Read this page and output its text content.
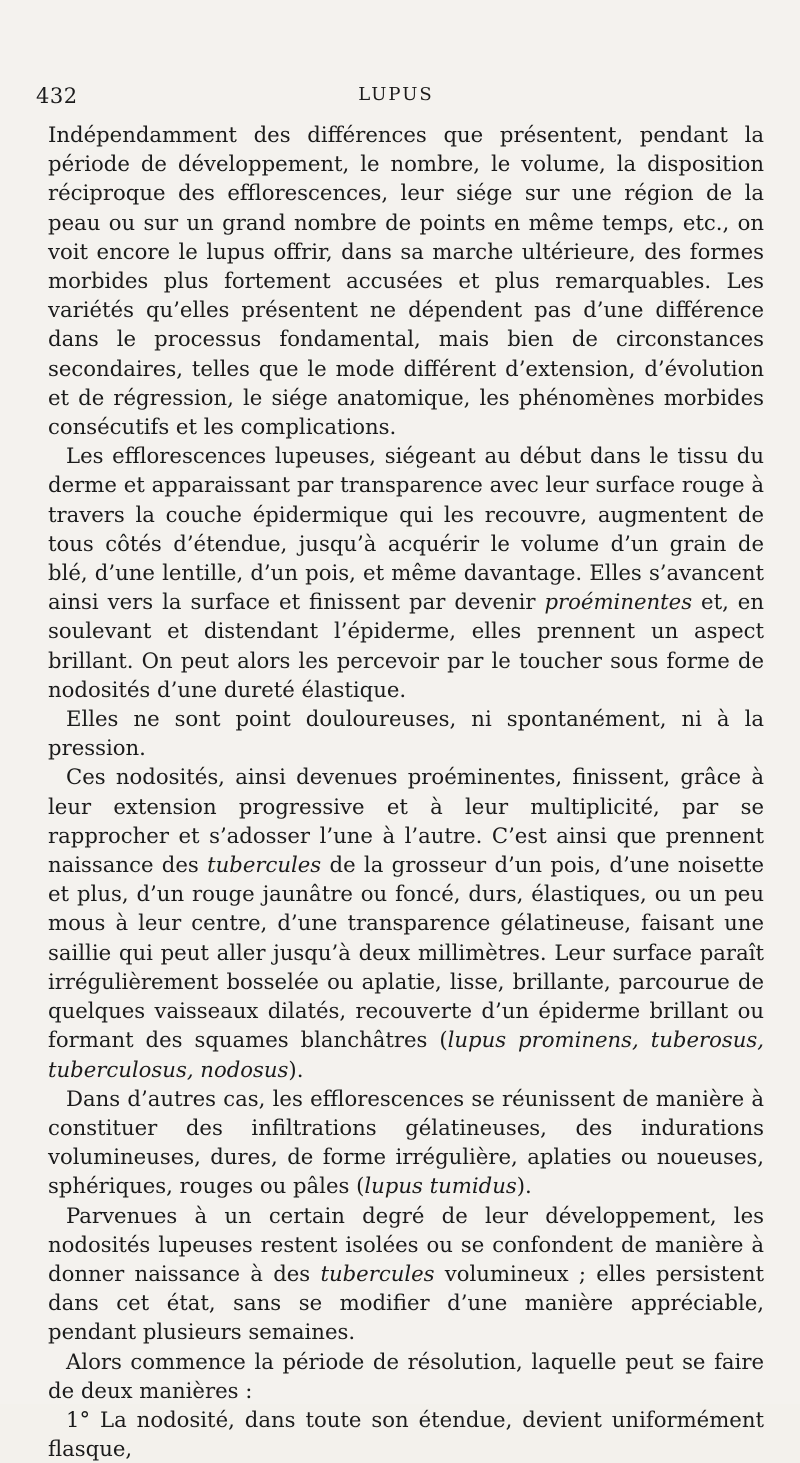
432	LUPUS

Indépendamment des différences que présentent, pendant la période de développement, le nombre, le volume, la disposition réciproque des efflorescences, leur siége sur une région de la peau ou sur un grand nombre de points en même temps, etc., on voit encore le lupus offrir, dans sa marche ultérieure, des formes morbides plus fortement accusées et plus remarquables. Les variétés qu’elles présentent ne dépendent pas d’une différence dans le processus fondamental, mais bien de circonstances secondaires, telles que le mode différent d’extension, d’évolution et de régression, le siége anatomique, les phénomènes morbides consécutifs et les complications.

Les efflorescences lupeuses, siégeant au début dans le tissu du derme et apparaissant par transparence avec leur surface rouge à travers la couche épidermique qui les recouvre, augmentent de tous côtés d’étendue, jusqu’à acquérir le volume d’un grain de blé, d’une lentille, d’un pois, et même davantage. Elles s’avancent ainsi vers la surface et finissent par devenir proéminentes et, en soulevant et distendant l’épiderme, elles prennent un aspect brillant. On peut alors les percevoir par le toucher sous forme de nodosités d’une dureté élastique.

Elles ne sont point douloureuses, ni spontanément, ni à la pression.

Ces nodosités, ainsi devenues proéminentes, finissent, grâce à leur extension progressive et à leur multiplicité, par se rapprocher et s’adosser l’une à l’autre. C’est ainsi que prennent naissance des tubercules de la grosseur d’un pois, d’une noisette et plus, d’un rouge jaunâtre ou foncé, durs, élastiques, ou un peu mous à leur centre, d’une transparence gélatineuse, faisant une saillie qui peut aller jusqu’à deux millimètres. Leur surface paraît irrégulièrement bosselée ou aplatie, lisse, brillante, parcourue de quelques vaisseaux dilatés, recouverte d’un épiderme brillant ou formant des squames blanchâtres (lupus prominens, tuberosus, tuberculosus, nodosus).

Dans d’autres cas, les efflorescences se réunissent de manière à constituer des infiltrations gélatineuses, des indurations volumineuses, dures, de forme irrégulière, aplaties ou noueuses, sphériques, rouges ou pâles (lupus tumidus).

Parvenues à un certain degré de leur développement, les nodosités lupeuses restent isolées ou se confondent de manière à donner naissance à des tubercules volumineux ; elles persistent dans cet état, sans se modifier d’une manière appréciable, pendant plusieurs semaines.

Alors commence la période de résolution, laquelle peut se faire de deux manières :

1° La nodosité, dans toute son étendue, devient uniformément flasque,
